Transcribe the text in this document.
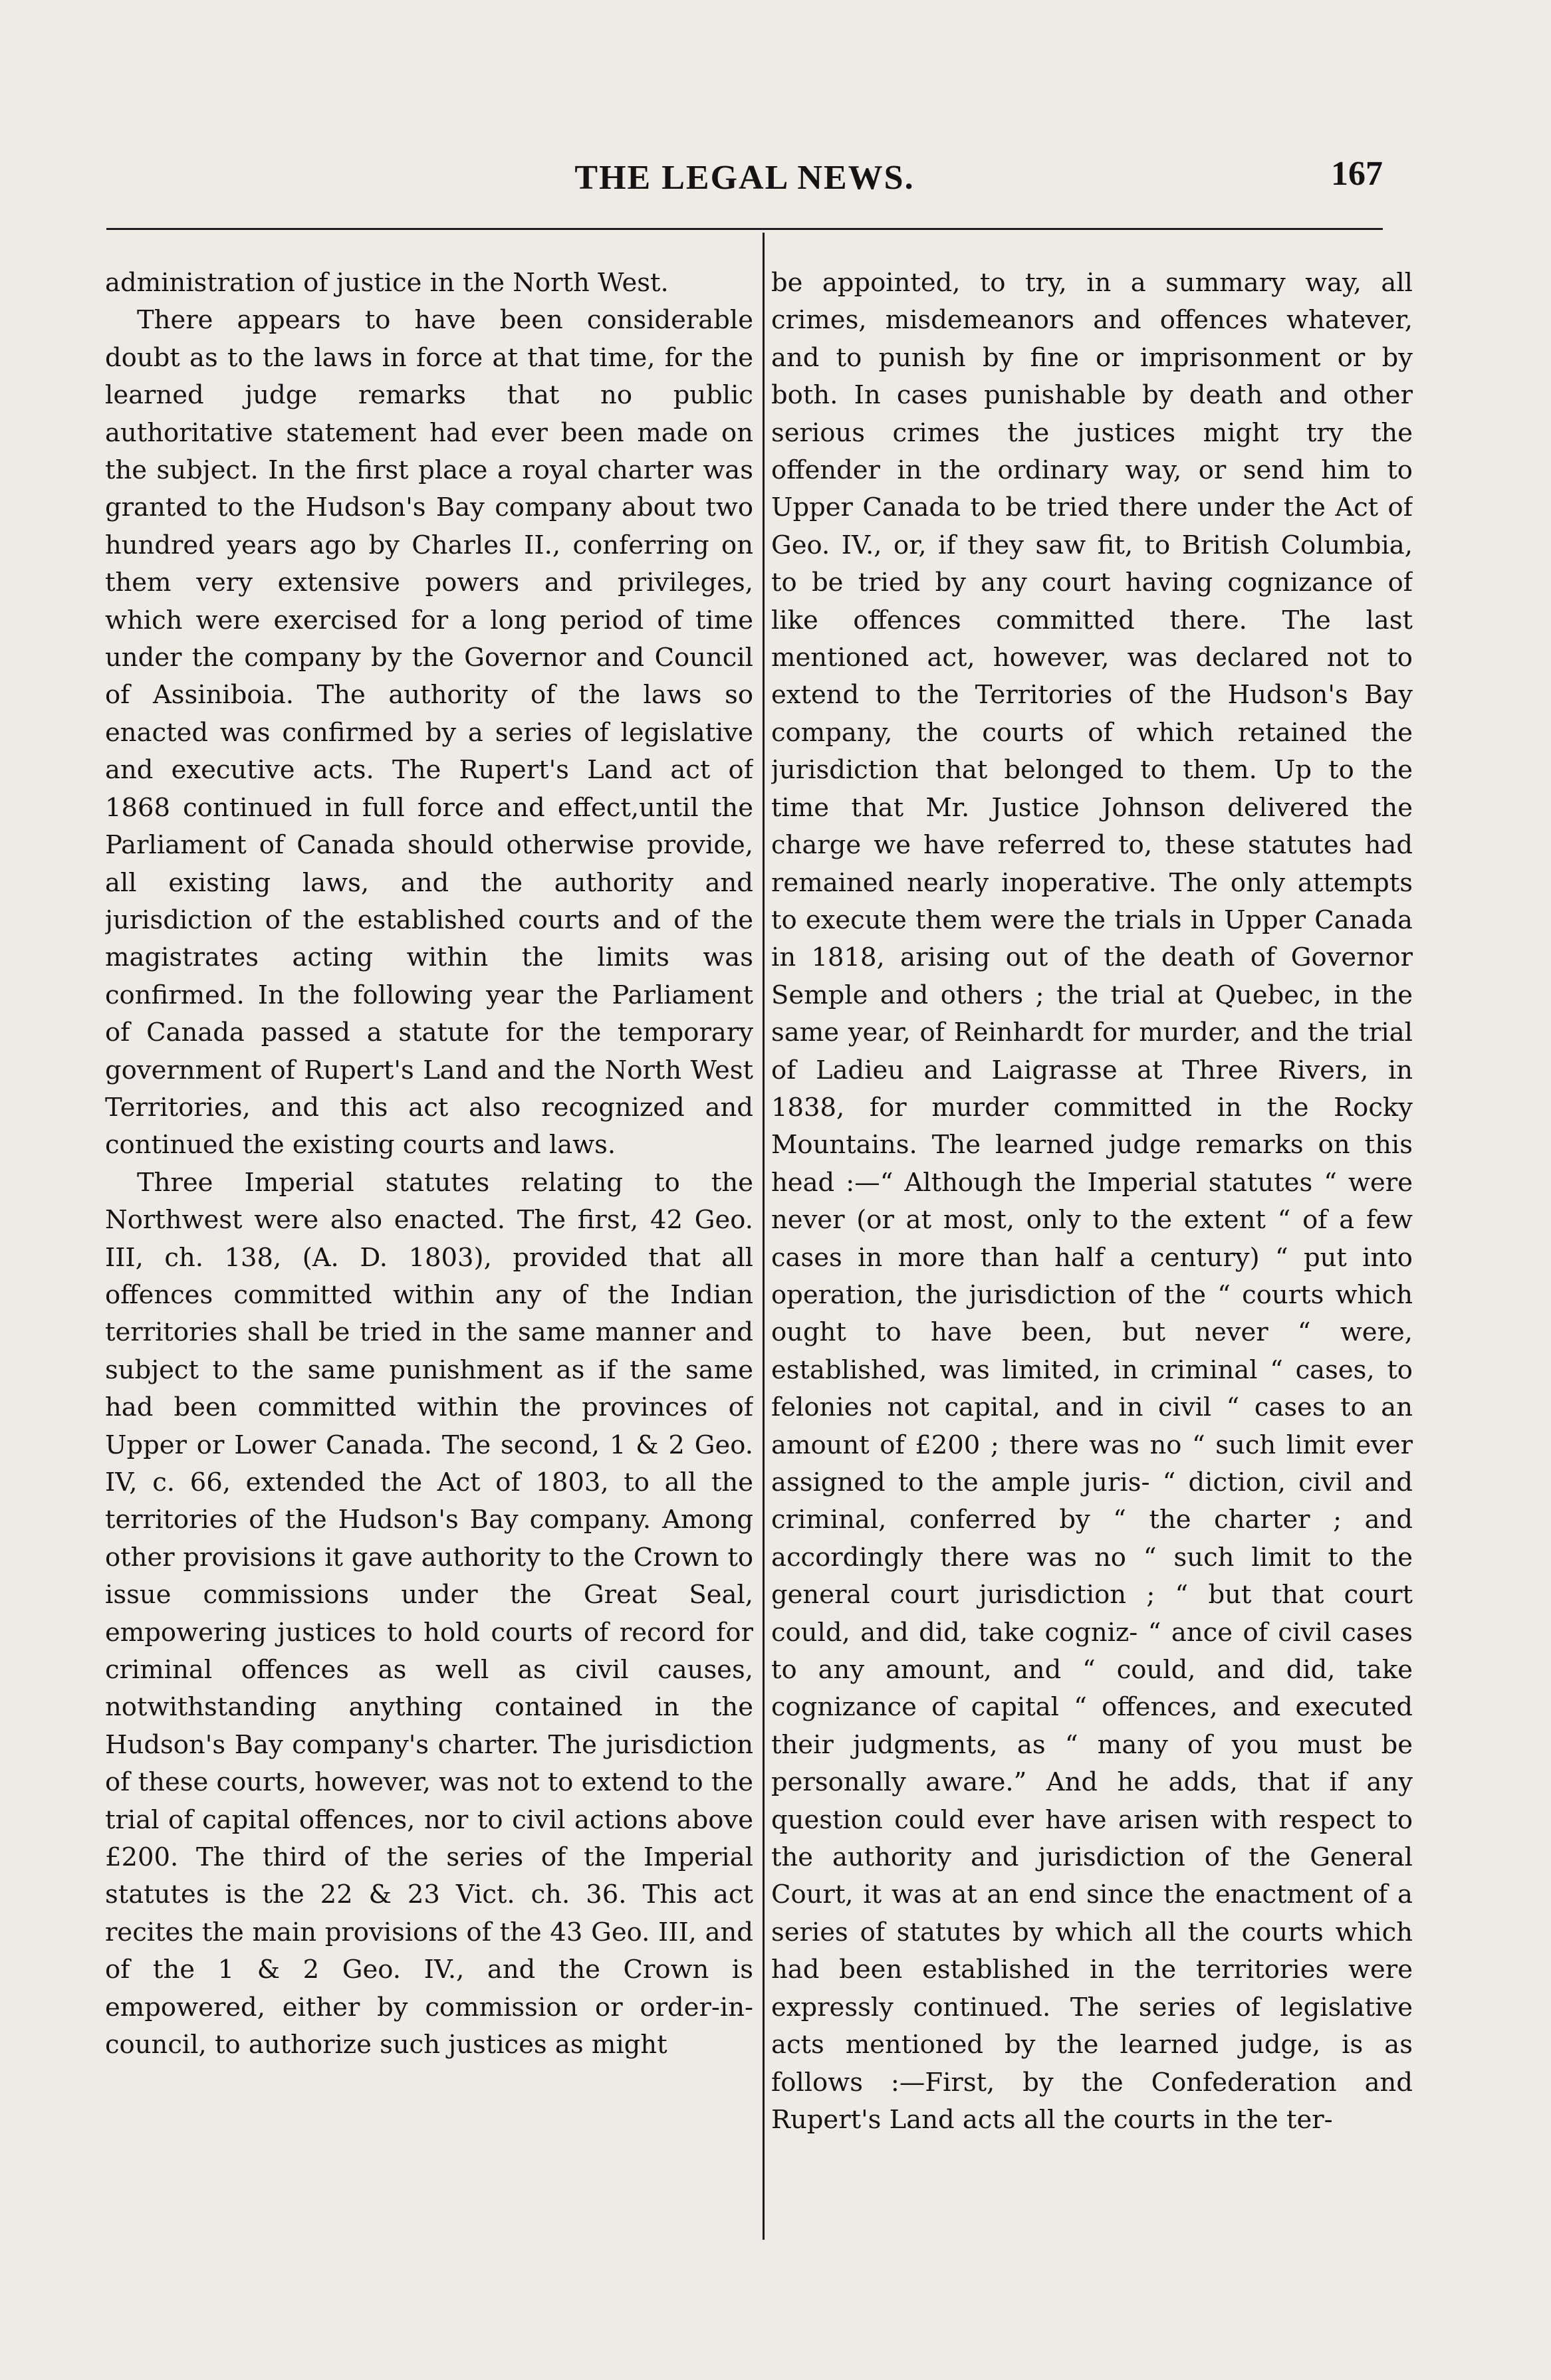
THE LEGAL NEWS.	167

administration of justice in the North West.

There appears to have been considerable doubt as to the laws in force at that time, for the learned judge remarks that no public authoritative statement had ever been made on the subject. In the first place a royal charter was granted to the Hudson's Bay company about two hundred years ago by Charles II., conferring on them very extensive powers and privileges, which were exercised for a long period of time under the company by the Governor and Council of Assiniboia. The authority of the laws so enacted was confirmed by a series of legislative and executive acts. The Rupert's Land act of 1868 continued in full force and effect,until the Parliament of Canada should otherwise provide, all existing laws, and the authority and jurisdiction of the established courts and of the magistrates acting within the limits was confirmed. In the following year the Parliament of Canada passed a statute for the temporary government of Rupert's Land and the North West Territories, and this act also recognized and continued the existing courts and laws.

Three Imperial statutes relating to the Northwest were also enacted. The first, 42 Geo. III, ch. 138, (A. D. 1803), provided that all offences committed within any of the Indian territories shall be tried in the same manner and subject to the same punishment as if the same had been committed within the provinces of Upper or Lower Canada. The second, 1 & 2 Geo. IV, c. 66, extended the Act of 1803, to all the territories of the Hudson's Bay company. Among other provisions it gave authority to the Crown to issue commissions under the Great Seal, empowering justices to hold courts of record for criminal offences as well as civil causes, notwithstanding anything contained in the Hudson's Bay company's charter. The jurisdiction of these courts, however, was not to extend to the trial of capital offences, nor to civil actions above £200. The third of the series of the Imperial statutes is the 22 & 23 Vict. ch. 36. This act recites the main provisions of the 43 Geo. III, and of the 1 & 2 Geo. IV., and the Crown is empowered, either by commission or order-in-council, to authorize such justices as might

be appointed, to try, in a summary way, all crimes, misdemeanors and offences whatever, and to punish by fine or imprisonment or by both. In cases punishable by death and other serious crimes the justices might try the offender in the ordinary way, or send him to Upper Canada to be tried there under the Act of Geo. IV., or, if they saw fit, to British Columbia, to be tried by any court having cognizance of like offences committed there. The last mentioned act, however, was declared not to extend to the Territories of the Hudson's Bay company, the courts of which retained the jurisdiction that belonged to them. Up to the time that Mr. Justice Johnson delivered the charge we have referred to, these statutes had remained nearly inoperative. The only attempts to execute them were the trials in Upper Canada in 1818, arising out of the death of Governor Semple and others ; the trial at Quebec, in the same year, of Reinhardt for murder, and the trial of Ladieu and Laigrasse at Three Rivers, in 1838, for murder committed in the Rocky Mountains. The learned judge remarks on this head :—“ Although the Imperial statutes “ were never (or at most, only to the extent “ of a few cases in more than half a century) “ put into operation, the jurisdiction of the “ courts which ought to have been, but never “ were, established, was limited, in criminal “ cases, to felonies not capital, and in civil “ cases to an amount of £200 ; there was no “ such limit ever assigned to the ample juris- “ diction, civil and criminal, conferred by “ the charter ; and accordingly there was no “ such limit to the general court jurisdiction ; “ but that court could, and did, take cogniz- “ ance of civil cases to any amount, and “ could, and did, take cognizance of capital “ offences, and executed their judgments, as “ many of you must be personally aware.” And he adds, that if any question could ever have arisen with respect to the authority and jurisdiction of the General Court, it was at an end since the enactment of a series of statutes by which all the courts which had been established in the territories were expressly continued. The series of legislative acts mentioned by the learned judge, is as follows :—First, by the Confederation and Rupert's Land acts all the courts in the ter-
